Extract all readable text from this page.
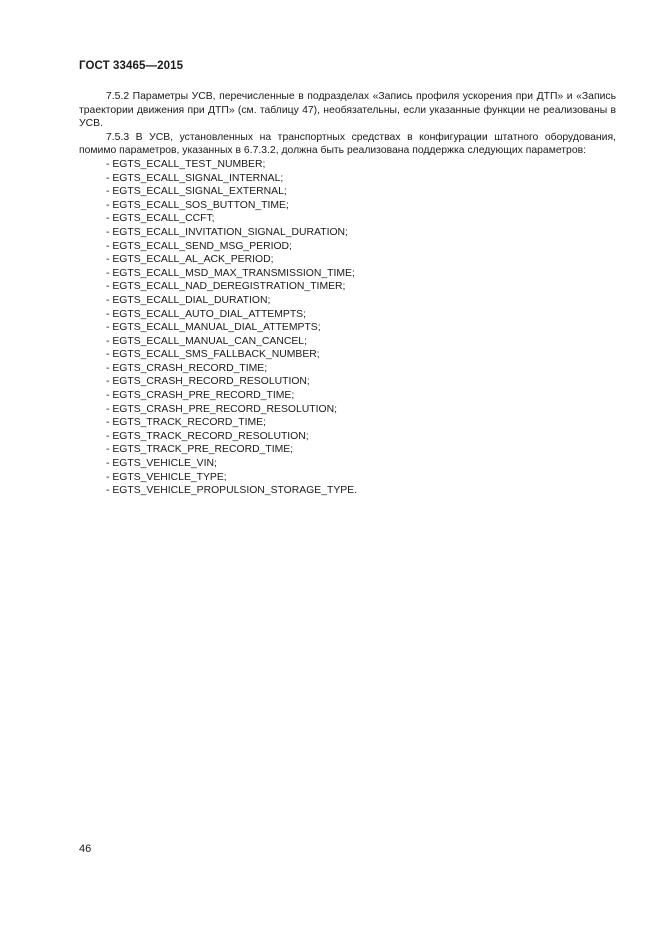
ГОСТ 33465—2015

7.5.2 Параметры УСВ, перечисленные в подразделах «Запись профиля ускорения при ДТП» и «Запись траектории движения при ДТП» (см. таблицу 47), необязательны, если указанные функции не реализованы в УСВ.

7.5.3 В УСВ, установленных на транспортных средствах в конфигурации штатного оборудования, помимо параметров, указанных в 6.7.3.2, должна быть реализована поддержка следующих параметров:

- EGTS_ECALL_TEST_NUMBER;
- EGTS_ECALL_SIGNAL_INTERNAL;
- EGTS_ECALL_SIGNAL_EXTERNAL;
- EGTS_ECALL_SOS_BUTTON_TIME;
- EGTS_ECALL_CCFT;
- EGTS_ECALL_INVITATION_SIGNAL_DURATION;
- EGTS_ECALL_SEND_MSG_PERIOD;
- EGTS_ECALL_AL_ACK_PERIOD;
- EGTS_ECALL_MSD_MAX_TRANSMISSION_TIME;
- EGTS_ECALL_NAD_DEREGISTRATION_TIMER;
- EGTS_ECALL_DIAL_DURATION;
- EGTS_ECALL_AUTO_DIAL_ATTEMPTS;
- EGTS_ECALL_MANUAL_DIAL_ATTEMPTS;
- EGTS_ECALL_MANUAL_CAN_CANCEL;
- EGTS_ECALL_SMS_FALLBACK_NUMBER;
- EGTS_CRASH_RECORD_TIME;
- EGTS_CRASH_RECORD_RESOLUTION;
- EGTS_CRASH_PRE_RECORD_TIME;
- EGTS_CRASH_PRE_RECORD_RESOLUTION;
- EGTS_TRACK_RECORD_TIME;
- EGTS_TRACK_RECORD_RESOLUTION;
- EGTS_TRACK_PRE_RECORD_TIME;
- EGTS_VEHICLE_VIN;
- EGTS_VEHICLE_TYPE;
- EGTS_VEHICLE_PROPULSION_STORAGE_TYPE.
46
